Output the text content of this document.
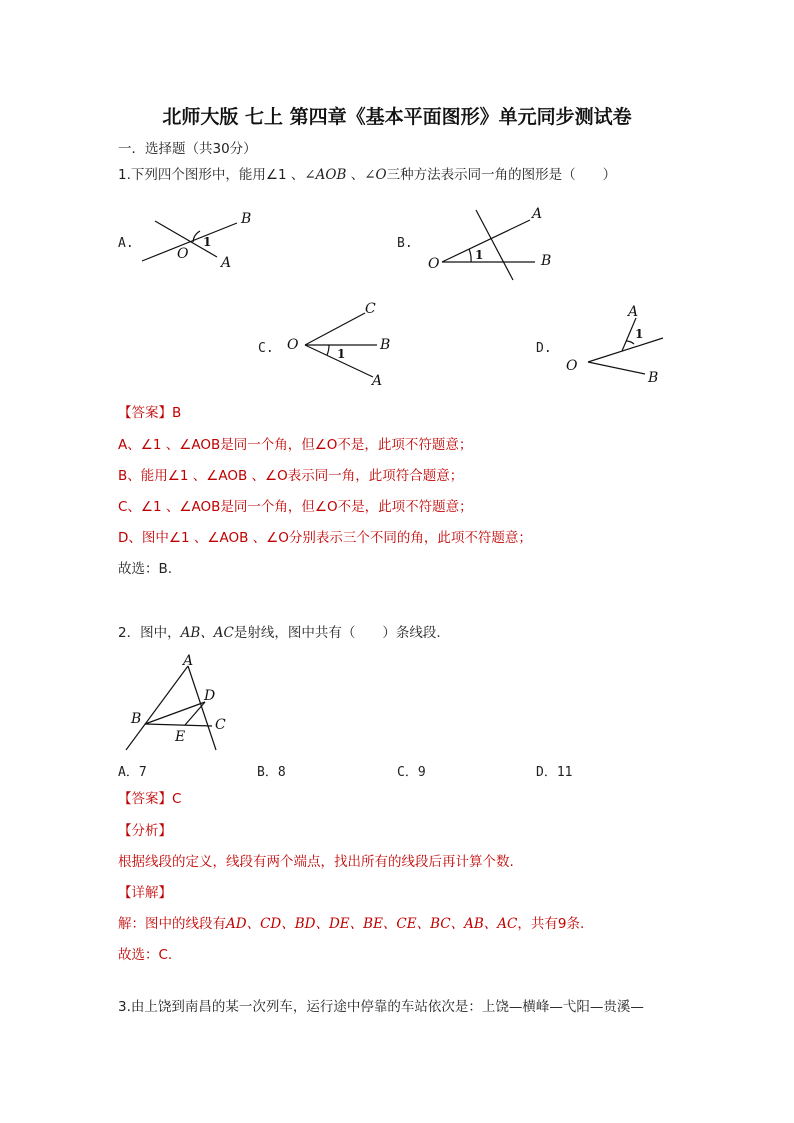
北师大版 七上 第四章《基本平面图形》单元同步测试卷
一．选择题（共30分）
1.下列四个图形中，能用∠1 、∠AOB 、∠O三种方法表示同一角的图形是（　　）
A.	B.
C.	D.
O
B
A
1
O
A
B
1
O
C
B
A
1
O
A
B
1
【答案】B
A、∠1 、∠AOB是同一个角，但∠O不是，此项不符题意；
B、能用∠1 、∠AOB 、∠O表示同一角，此项符合题意；
C、∠1 、∠AOB是同一个角，但∠O不是，此项不符题意；
D、图中∠1 、∠AOB 、∠O分别表示三个不同的角，此项不符题意；
故选：B.
2．图中，AB、AC是射线，图中共有（　　）条线段.
A
B	C
D
E
A．7	B．8	C．9	D．11
【答案】C
【分析】
根据线段的定义，线段有两个端点，找出所有的线段后再计算个数.
【详解】
解：图中的线段有AD、CD、BD、DE、BE、CE、BC、AB、AC，共有9条.
故选：C.
3.由上饶到南昌的某一次列车，运行途中停靠的车站依次是：上饶—横峰—弋阳—贵溪—
